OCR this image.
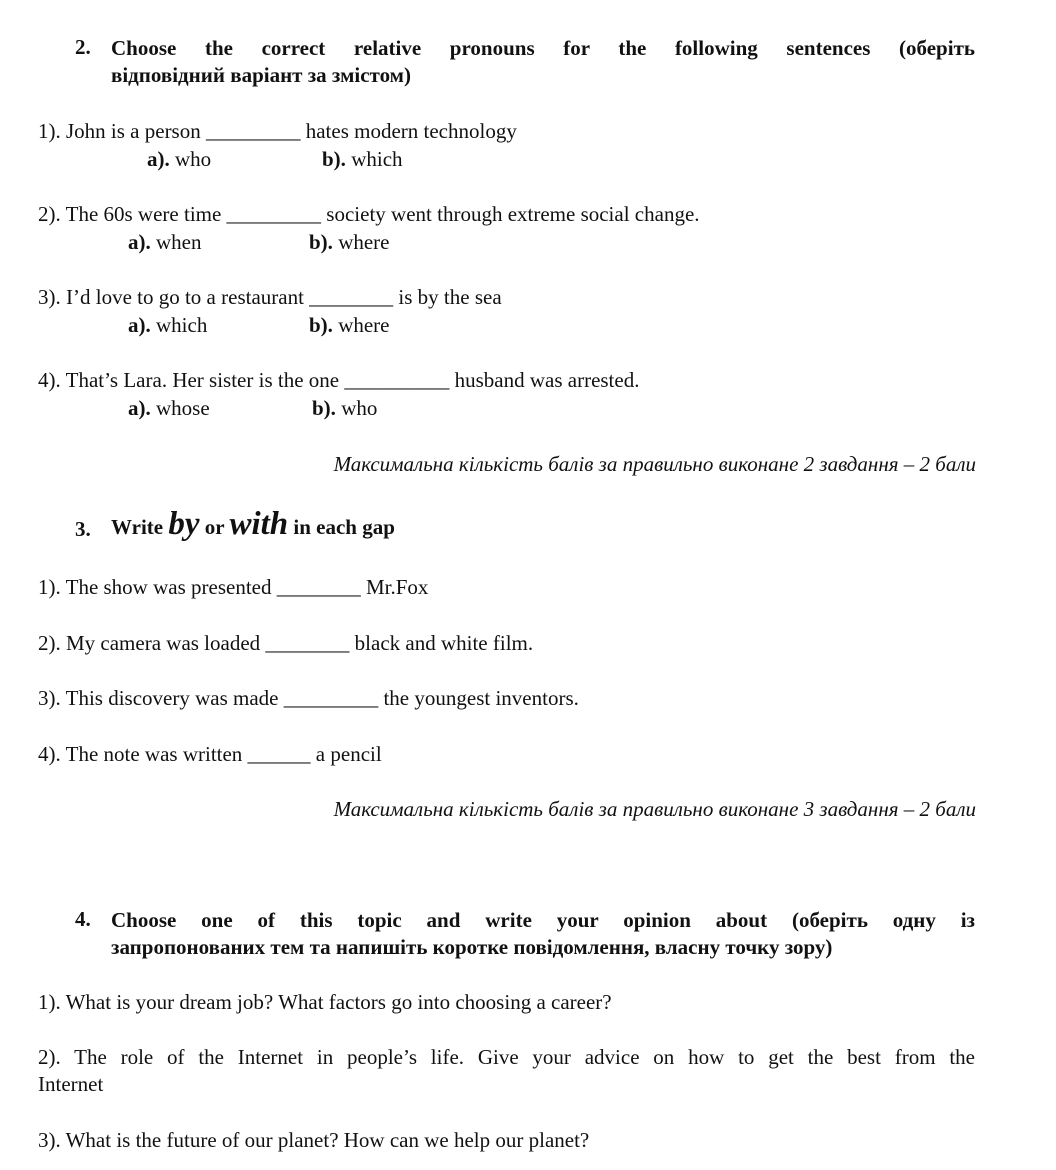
2. Choose the correct relative pronouns for the following sentences (оберіть
відповідний варіант за змістом)
1). John is a person _________ hates modern technology
a). who	b). which
2). The 60s were time _________ society went through extreme social change.
a). when	b). where
3). I’d love to go to a restaurant ________ is by the sea
a). which	b). where
4). That’s Lara. Her sister is the one __________ husband was arrested.
a). whose	b). who
Максимальна кількість балів за правильно виконане 2 завдання – 2 бали
3. Write by or with in each gap
1). The show was presented ________ Mr.Fox
2). My camera was loaded ________ black and white film.
3). This discovery was made _________ the youngest inventors.
4). The note was written ______ a pencil
Максимальна кількість балів за правильно виконане 3 завдання – 2 бали
4. Choose one of this topic and write your opinion about (оберіть одну із
запропонованих тем та напишіть коротке повідомлення, власну точку зору)
1). What is your dream job? What factors go into choosing a career?
2). The role of the Internet in people’s life. Give your advice on how to get the best from the
Internet
3). What is the future of our planet? How can we help our planet?
